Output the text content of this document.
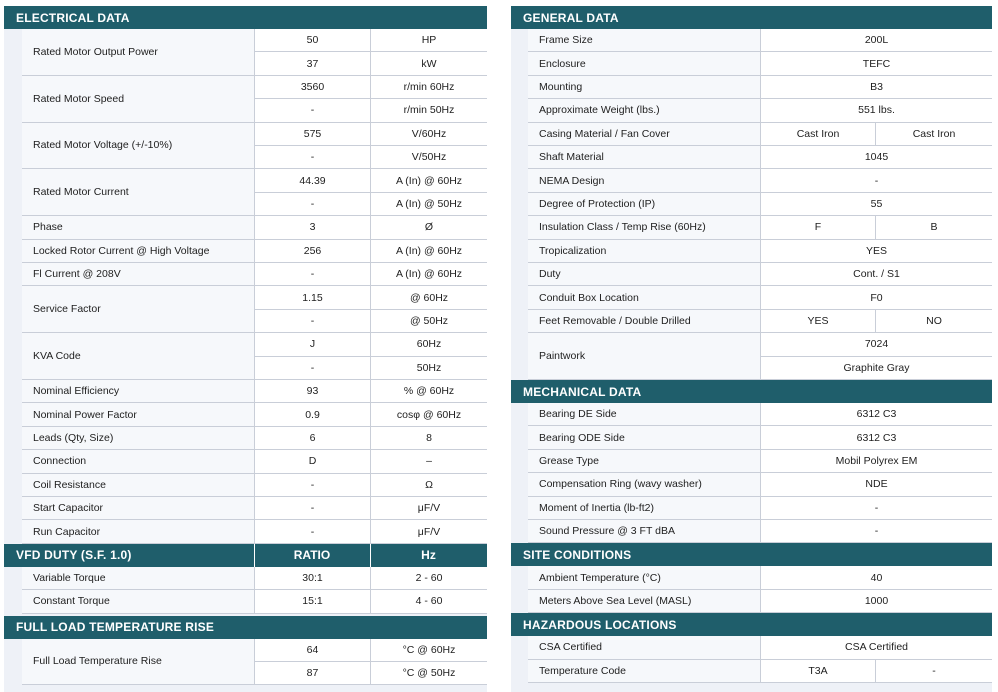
ELECTRICAL DATA
Rated Motor Output Power
50	HP
37	kW
Rated Motor Speed
3560	r/min 60Hz
-	r/min 50Hz
Rated Motor Voltage (+/-10%)
575	V/60Hz
-	V/50Hz
Rated Motor Current
44.39	A (In) @ 60Hz
-	A (In) @ 50Hz
Phase	3	Ø
Locked Rotor Current @ High Voltage	256	A (In) @ 60Hz
Fl Current @ 208V	-	A (In) @ 60Hz
Service Factor
1.15	@ 60Hz
-	@ 50Hz
KVA Code
J	60Hz
-	50Hz
Nominal Efficiency	93	% @ 60Hz
Nominal Power Factor	0.9	cosφ @ 60Hz
Leads (Qty, Size)	6	8
Connection	D	–
Coil Resistance	-	Ω
Start Capacitor	-	μF/V
Run Capacitor	-	μF/V
VFD DUTY (S.F. 1.0)	RATIO	Hz
Variable Torque	30:1	2 - 60
Constant Torque	15:1	4 - 60
FULL LOAD TEMPERATURE RISE
Full Load Temperature Rise
64	°C @ 60Hz
87	°C @ 50Hz
GENERAL DATA
Frame Size	200L
Enclosure	TEFC
Mounting	B3
Approximate Weight (lbs.)	551 lbs.
Casing Material / Fan Cover	Cast Iron	Cast Iron
Shaft Material	1045
NEMA Design	-
Degree of Protection (IP)	55
Insulation Class / Temp Rise (60Hz)	F	B
Tropicalization	YES
Duty	Cont. / S1
Conduit Box Location	F0
Feet Removable / Double Drilled	YES	NO
Paintwork
7024
Graphite Gray
MECHANICAL DATA
Bearing DE Side	6312 C3
Bearing ODE Side	6312 C3
Grease Type	Mobil Polyrex EM
Compensation Ring (wavy washer)	NDE
Moment of Inertia (lb-ft2)	-
Sound Pressure @ 3 FT dBA	-
SITE CONDITIONS
Ambient Temperature (°C)	40
Meters Above Sea Level (MASL)	1000
HAZARDOUS LOCATIONS
CSA Certified	CSA Certified
Temperature Code	T3A	-
